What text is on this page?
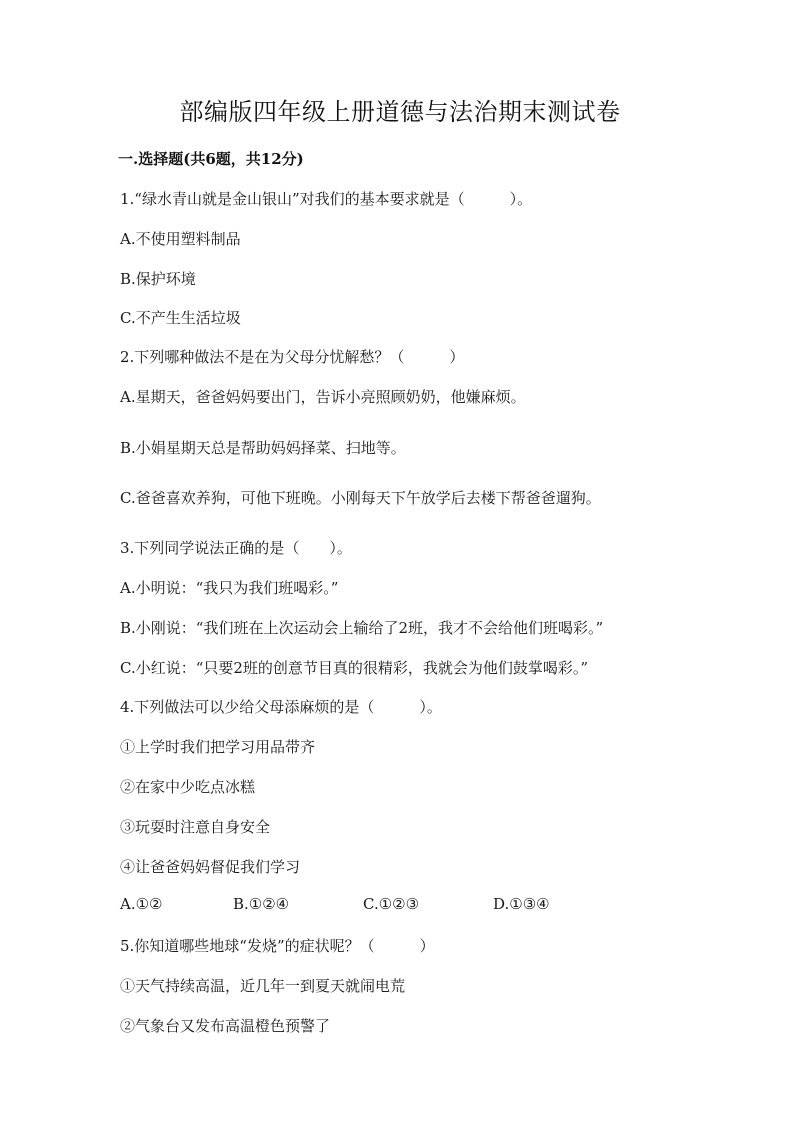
部编版四年级上册道德与法治期末测试卷
一.选择题(共6题，共12分)
1.“绿水青山就是金山银山”对我们的基本要求就是（　　　）。
A.不使用塑料制品
B.保护环境
C.不产生生活垃圾
2.下列哪种做法不是在为父母分忧解愁？（　　　）
A.星期天，爸爸妈妈要出门，告诉小亮照顾奶奶，他嫌麻烦。
B.小娟星期天总是帮助妈妈择菜、扫地等。
C.爸爸喜欢养狗，可他下班晚。小刚每天下午放学后去楼下帮爸爸遛狗。
3.下列同学说法正确的是（　　）。
A.小明说：“我只为我们班喝彩。”
B.小刚说：“我们班在上次运动会上输给了2班，我才不会给他们班喝彩。”
C.小红说：“只要2班的创意节目真的很精彩，我就会为他们鼓掌喝彩。”
4.下列做法可以少给父母添麻烦的是（　　　）。
①上学时我们把学习用品带齐
②在家中少吃点冰糕
③玩耍时注意自身安全
④让爸爸妈妈督促我们学习
A.①②	B.①②④	C.①②③	D.①③④
5.你知道哪些地球“发烧”的症状呢？（　　　）
①天气持续高温，近几年一到夏天就闹电荒
②气象台又发布高温橙色预警了
